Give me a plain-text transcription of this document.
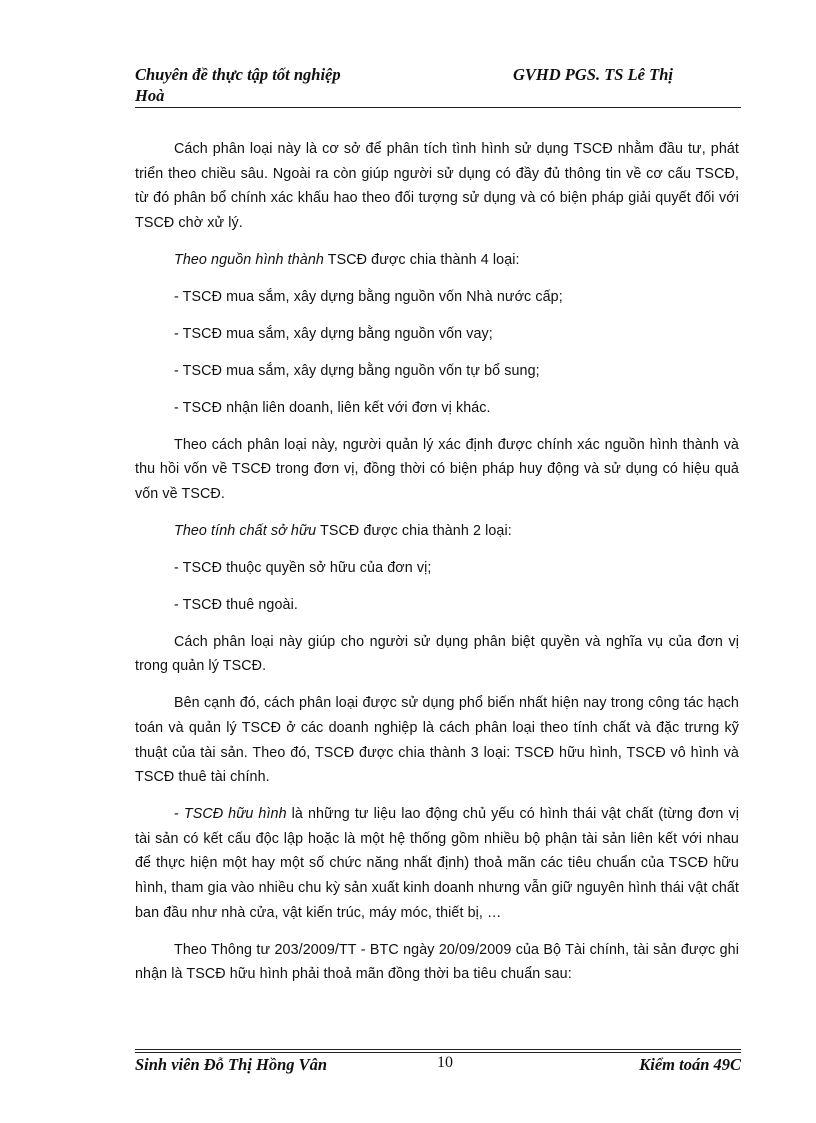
Chuyên đề thực tập tốt nghiệp
Hoà
GVHD PGS. TS Lê Thị

Cách phân loại này là cơ sở để phân tích tình hình sử dụng TSCĐ nhằm đầu tư, phát triển theo chiều sâu. Ngoài ra còn giúp người sử dụng có đầy đủ thông tin về cơ cấu TSCĐ, từ đó phân bổ chính xác khấu hao theo đối tượng sử dụng và có biện pháp giải quyết đối với TSCĐ chờ xử lý.

Theo nguồn hình thành TSCĐ được chia thành 4 loại:

- TSCĐ mua sắm, xây dựng bằng nguồn vốn Nhà nước cấp;

- TSCĐ mua sắm, xây dựng bằng nguồn vốn vay;

- TSCĐ mua sắm, xây dựng bằng nguồn vốn tự bổ sung;

- TSCĐ nhận liên doanh, liên kết với đơn vị khác.

Theo cách phân loại này, người quản lý xác định được chính xác nguồn hình thành và thu hồi vốn về TSCĐ trong đơn vị, đồng thời có biện pháp huy động và sử dụng có hiệu quả vốn về TSCĐ.

Theo tính chất sở hữu TSCĐ được chia thành 2 loại:

- TSCĐ thuộc quyền sở hữu của đơn vị;

- TSCĐ thuê ngoài.

Cách phân loại này giúp cho người sử dụng phân biệt quyền và nghĩa vụ của đơn vị trong quản lý TSCĐ.

Bên cạnh đó, cách phân loại được sử dụng phổ biến nhất hiện nay trong công tác hạch toán và quản lý TSCĐ ở các doanh nghiệp là cách phân loại theo tính chất và đặc trưng kỹ thuật của tài sản. Theo đó, TSCĐ được chia thành 3 loại: TSCĐ hữu hình, TSCĐ vô hình và TSCĐ thuê tài chính.

- TSCĐ hữu hình là những tư liệu lao động chủ yếu có hình thái vật chất (từng đơn vị tài sản có kết cấu độc lập hoặc là một hệ thống gồm nhiều bộ phận tài sản liên kết với nhau để thực hiện một hay một số chức năng nhất định) thoả mãn các tiêu chuẩn của TSCĐ hữu hình, tham gia vào nhiều chu kỳ sản xuất kinh doanh nhưng vẫn giữ nguyên hình thái vật chất ban đầu như nhà cửa, vật kiến trúc, máy móc, thiết bị, …

Theo Thông tư 203/2009/TT - BTC ngày 20/09/2009 của Bộ Tài chính, tài sản được ghi nhận là TSCĐ hữu hình phải thoả mãn đồng thời ba tiêu chuẩn sau:

Sinh viên Đỗ Thị Hồng Vân	10	Kiểm toán 49C
